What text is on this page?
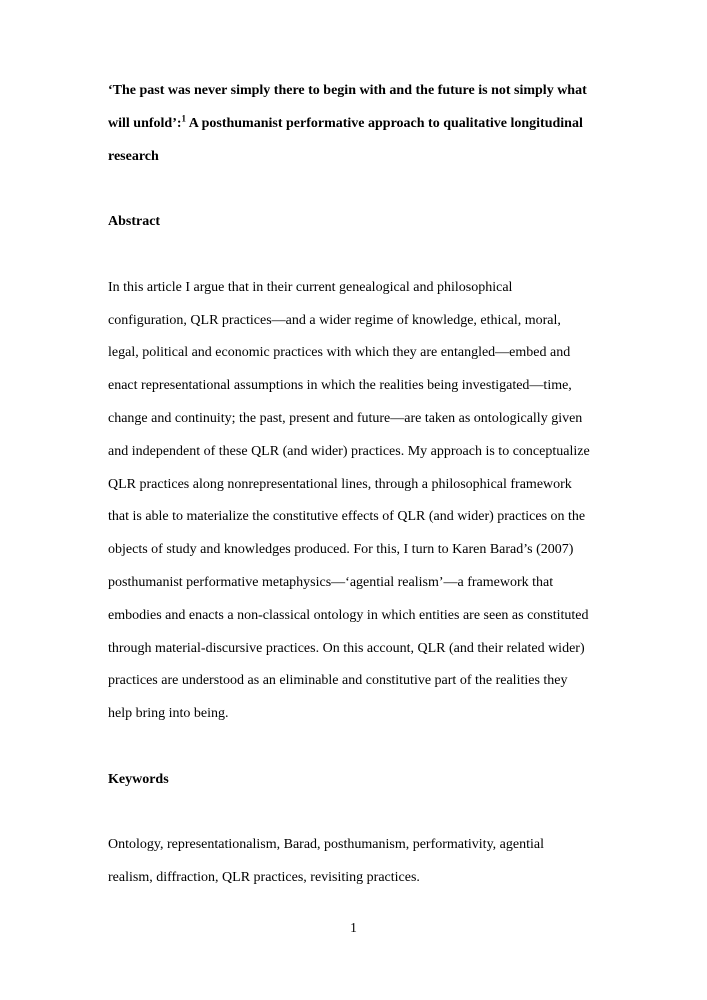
‘The past was never simply there to begin with and the future is not simply what
will unfold’:$^1$ A posthumanist performative approach to qualitative longitudinal
research
Abstract
In this article I argue that in their current genealogical and philosophical
configuration, QLR practices—and a wider regime of knowledge, ethical, moral,
legal, political and economic practices with which they are entangled—embed and
enact representational assumptions in which the realities being investigated—time,
change and continuity; the past, present and future—are taken as ontologically given
and independent of these QLR (and wider) practices. My approach is to conceptualize
QLR practices along nonrepresentational lines, through a philosophical framework
that is able to materialize the constitutive effects of QLR (and wider) practices on the
objects of study and knowledges produced. For this, I turn to Karen Barad’s (2007)
posthumanist performative metaphysics—‘agential realism’—a framework that
embodies and enacts a non-classical ontology in which entities are seen as constituted
through material-discursive practices. On this account, QLR (and their related wider)
practices are understood as an eliminable and constitutive part of the realities they
help bring into being.
Keywords
Ontology, representationalism, Barad, posthumanism, performativity, agential
realism, diffraction, QLR practices, revisiting practices.
1
